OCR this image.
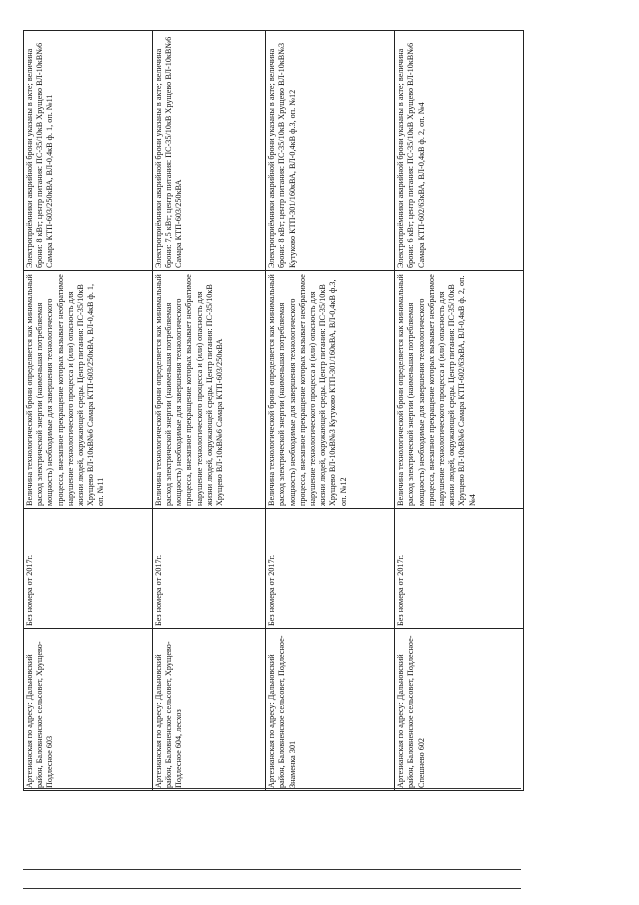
Артезианская по адресу: Дальновский район, Баловненское сельсовет, Хрущево-Подлесное 603	Без номера от 2017г.	Величина технологической брони определяется как минимальный расход электрической энергии (наименьшая потребляемая мощность) необходимые для завершения технологического процесса, внезапное прекращение которых вызывает необратимое нарушение технологического процесса и (или) опасность для жизни людей, окружающей среды. Центр питания: ПС-35/10кВ Хрущево ВЛ-10кВ№6 Самара КТП-603/250кВА, ВЛ-0,4кВ ф. 1, оп. №11	Электроприёмники аварийной брони указаны в акте; величина брони: 8 кВт; центр питания: ПС-35/10кВ Хрущево ВЛ-10кВ№6 Самара КТП-603/250кВА, ВЛ-0,4кВ ф. 1, оп. №11
Артезианская по адресу: Дальновский район, Баловненское сельсовет, Хрущево-Подлесное 604, лесхоз	Без номера от 2017г.	Величина технологической брони определяется как минимальный расход электрической энергии (наименьшая потребляемая мощность) необходимые для завершения технологического процесса, внезапное прекращение которых вызывает необратимое нарушение технологического процесса и (или) опасность для жизни людей, окружающей среды. Центр питания: ПС-35/10кВ Хрущево ВЛ-10кВ№6 Самара КТП-603/250кВА	Электроприёмники аварийной брони указаны в акте; величина брони: 7,5 кВт; центр питания: ПС-35/10кВ Хрущево ВЛ-10кВ№6 Самара КТП-603/250кВА
Артезианская по адресу: Дальновский район, Баловненское сельсовет, Подлесное-Знаменка 301	Без номера от 2017г.	Величина технологической брони определяется как минимальный расход электрической энергии (наименьшая потребляемая мощность) необходимые для завершения технологического процесса, внезапное прекращение которых вызывает необратимое нарушение технологического процесса и (или) опасность для жизни людей, окружающей среды. Центр питания: ПС-35/10кВ Хрущево ВЛ-10кВ№3 Кутуково КТП-301/160кВА, ВЛ-0,4кВ ф.3, оп. №12	Электроприёмники аварийной брони указаны в акте; величина брони: 8 кВт; центр питания: ПС-35/10кВ Хрущево ВЛ-10кВ№3 Кутуково КТП-301/160кВА, ВЛ-0,4кВ ф.3, оп. №12
Артезианская по адресу: Дальновский район, Баловненское сельсовет, Подлесное-Спешнево 602	Без номера от 2017г.	Величина технологической брони определяется как минимальный расход электрической энергии (наименьшая потребляемая мощность) необходимые для завершения технологического процесса, внезапное прекращение которых вызывает необратимое нарушение технологического процесса и (или) опасность для жизни людей, окружающей среды. Центр питания: ПС-35/10кВ Хрущево ВЛ-10кВ№6 Самара КТП-602/63кВА, ВЛ-0,4кВ ф. 2, оп. №4	Электроприёмники аварийной брони указаны в акте; величина брони: 6 кВт; центр питания: ПС-35/10кВ Хрущево ВЛ-10кВ№6 Самара КТП-602/63кВА, ВЛ-0,4кВ ф. 2, оп. №4
